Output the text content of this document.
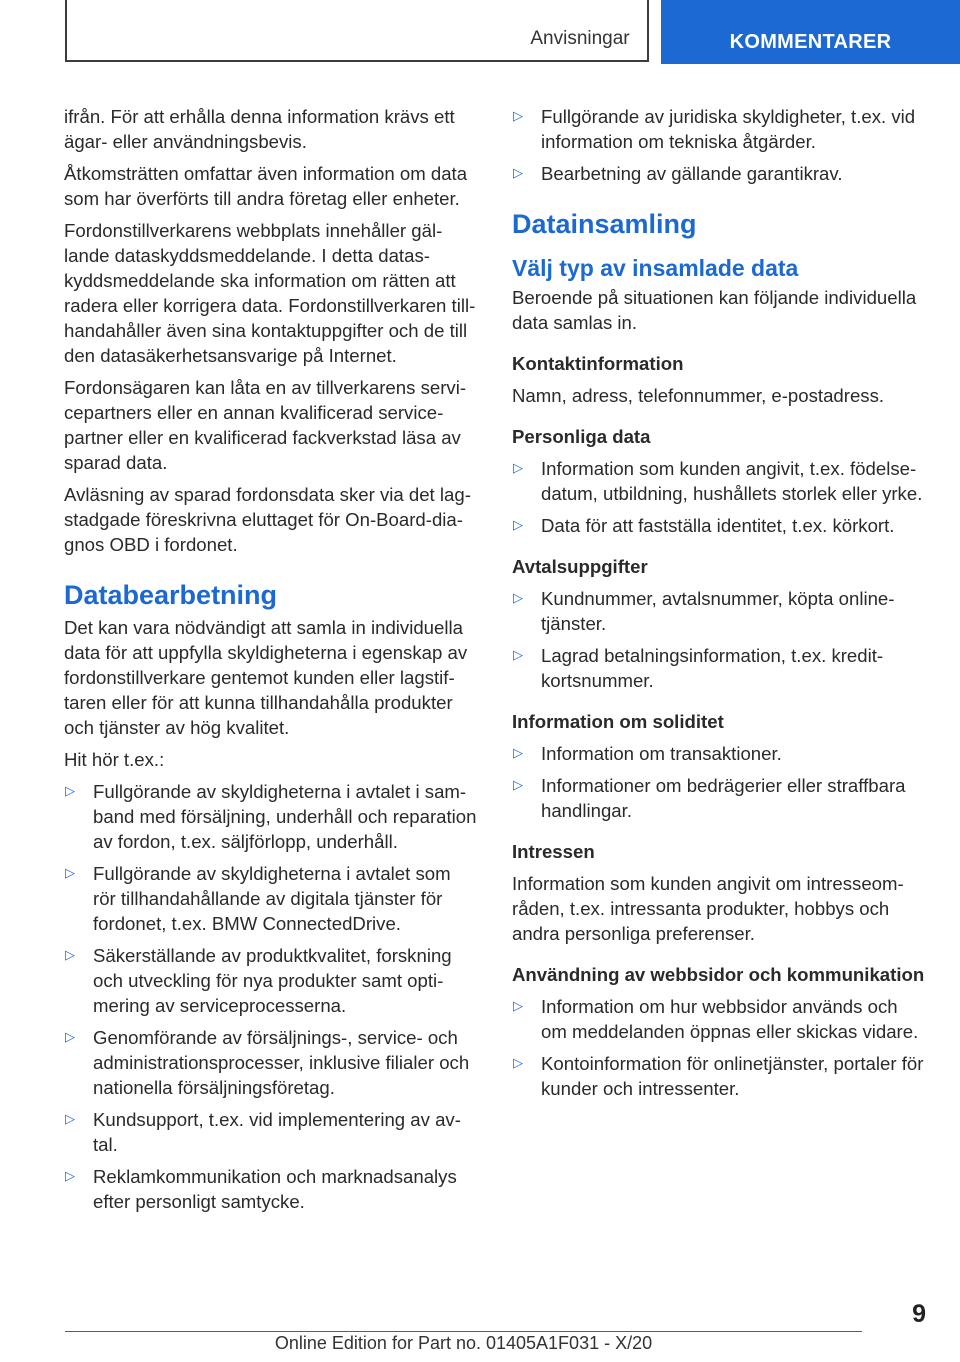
Anvisningar	KOMMENTARER

ifrån. För att erhålla denna information krävs ett ägar- eller användningsbevis.

Åtkomsträtten omfattar även information om data som har överförts till andra företag eller enheter.

Fordonstillverkarens webbplats innehåller gällande dataskyddsmeddelande. I detta dataskyddsmeddelande ska information om rätten att radera eller korrigera data. Fordonstillverkaren tillhandahåller även sina kontaktuppgifter och de till den datasäkerhetsansvarige på Internet.

Fordonsägaren kan låta en av tillverkarens servicepartners eller en annan kvalificerad servicepartner eller en kvalificerad fackverkstad läsa av sparad data.

Avläsning av sparad fordonsdata sker via det lagstadgade föreskrivna eluttaget för On-Board-diagnos OBD i fordonet.

Databearbetning

Det kan vara nödvändigt att samla in individuella data för att uppfylla skyldigheterna i egenskap av fordonstillverkare gentemot kunden eller lagstiftaren eller för att kunna tillhandahålla produkter och tjänster av hög kvalitet.

Hit hör t.ex.:

▷ Fullgörande av skyldigheterna i avtalet i samband med försäljning, underhåll och reparation av fordon, t.ex. säljförlopp, underhåll.
▷ Fullgörande av skyldigheterna i avtalet som rör tillhandahållande av digitala tjänster för fordonet, t.ex. BMW ConnectedDrive.
▷ Säkerställande av produktkvalitet, forskning och utveckling för nya produkter samt optimering av serviceprocesserna.
▷ Genomförande av försäljnings-, service- och administrationsprocesser, inklusive filialer och nationella försäljningsföretag.
▷ Kundsupport, t.ex. vid implementering av avtal.
▷ Reklamkommunikation och marknadsanalys efter personligt samtycke.
▷ Fullgörande av juridiska skyldigheter, t.ex. vid information om tekniska åtgärder.
▷ Bearbetning av gällande garantikrav.
Datainsamling
Välj typ av insamlade data

Beroende på situationen kan följande individuella data samlas in.

Kontaktinformation

Namn, adress, telefonnummer, e-postadress.

Personliga data
▷ Information som kunden angivit, t.ex. födelsedatum, utbildning, hushållets storlek eller yrke.
▷ Data för att fastställa identitet, t.ex. körkort.
Avtalsuppgifter
▷ Kundnummer, avtalsnummer, köpta onlinetjänster.
▷ Lagrad betalningsinformation, t.ex. kreditkortsnummer.
Information om soliditet
▷ Information om transaktioner.
▷ Informationer om bedrägerier eller straffbara handlingar.
Intressen

Information som kunden angivit om intresseområden, t.ex. intressanta produkter, hobbys och andra personliga preferenser.

Användning av webbsidor och kommunikation
▷ Information om hur webbsidor används och om meddelanden öppnas eller skickas vidare.
▷ Kontoinformation för onlinetjänster, portaler för kunder och intressenter.
9
Online Edition for Part no. 01405A1F031 - X/20
